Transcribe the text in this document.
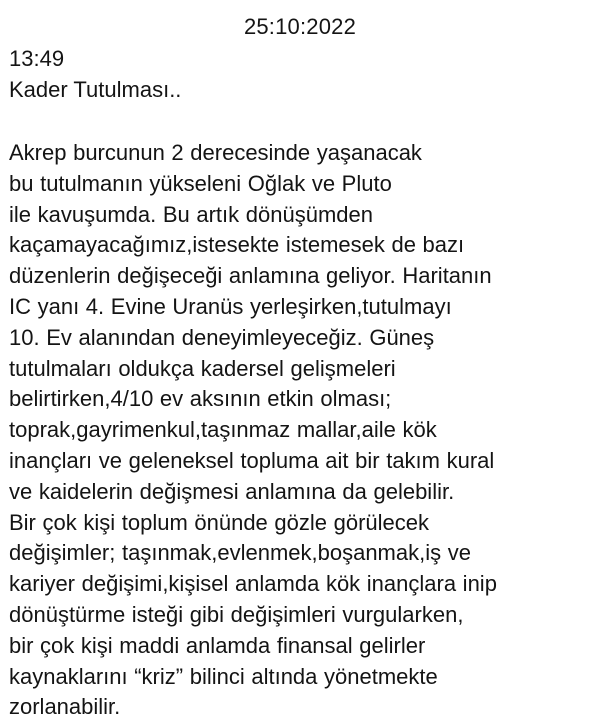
25:10:2022
13:49
Kader Tutulması..
Akrep burcunun 2 derecesinde yaşanacak
bu tutulmanın yükseleni Oğlak ve Pluto
ile kavuşumda. Bu artık dönüşümden
kaçamayacağımız,istesekte istemesek de bazı
düzenlerin değişeceği anlamına geliyor. Haritanın
IC yanı 4. Evine Uranüs yerleşirken,tutulmayı
10. Ev alanından deneyimleyeceğiz. Güneş
tutulmaları oldukça kadersel gelişmeleri
belirtirken,4/10 ev aksının etkin olması;
toprak,gayrimenkul,taşınmaz mallar,aile kök
inançları ve geleneksel topluma ait bir takım kural
ve kaidelerin değişmesi anlamına da gelebilir.
Bir çok kişi toplum önünde gözle görülecek
değişimler; taşınmak,evlenmek,boşanmak,iş ve
kariyer değişimi,kişisel anlamda kök inançlara inip
dönüştürme isteği gibi değişimleri vurgularken,
bir çok kişi maddi anlamda finansal gelirler
kaynaklarını “kriz” bilinci altında yönetmekte
zorlanabilir.
